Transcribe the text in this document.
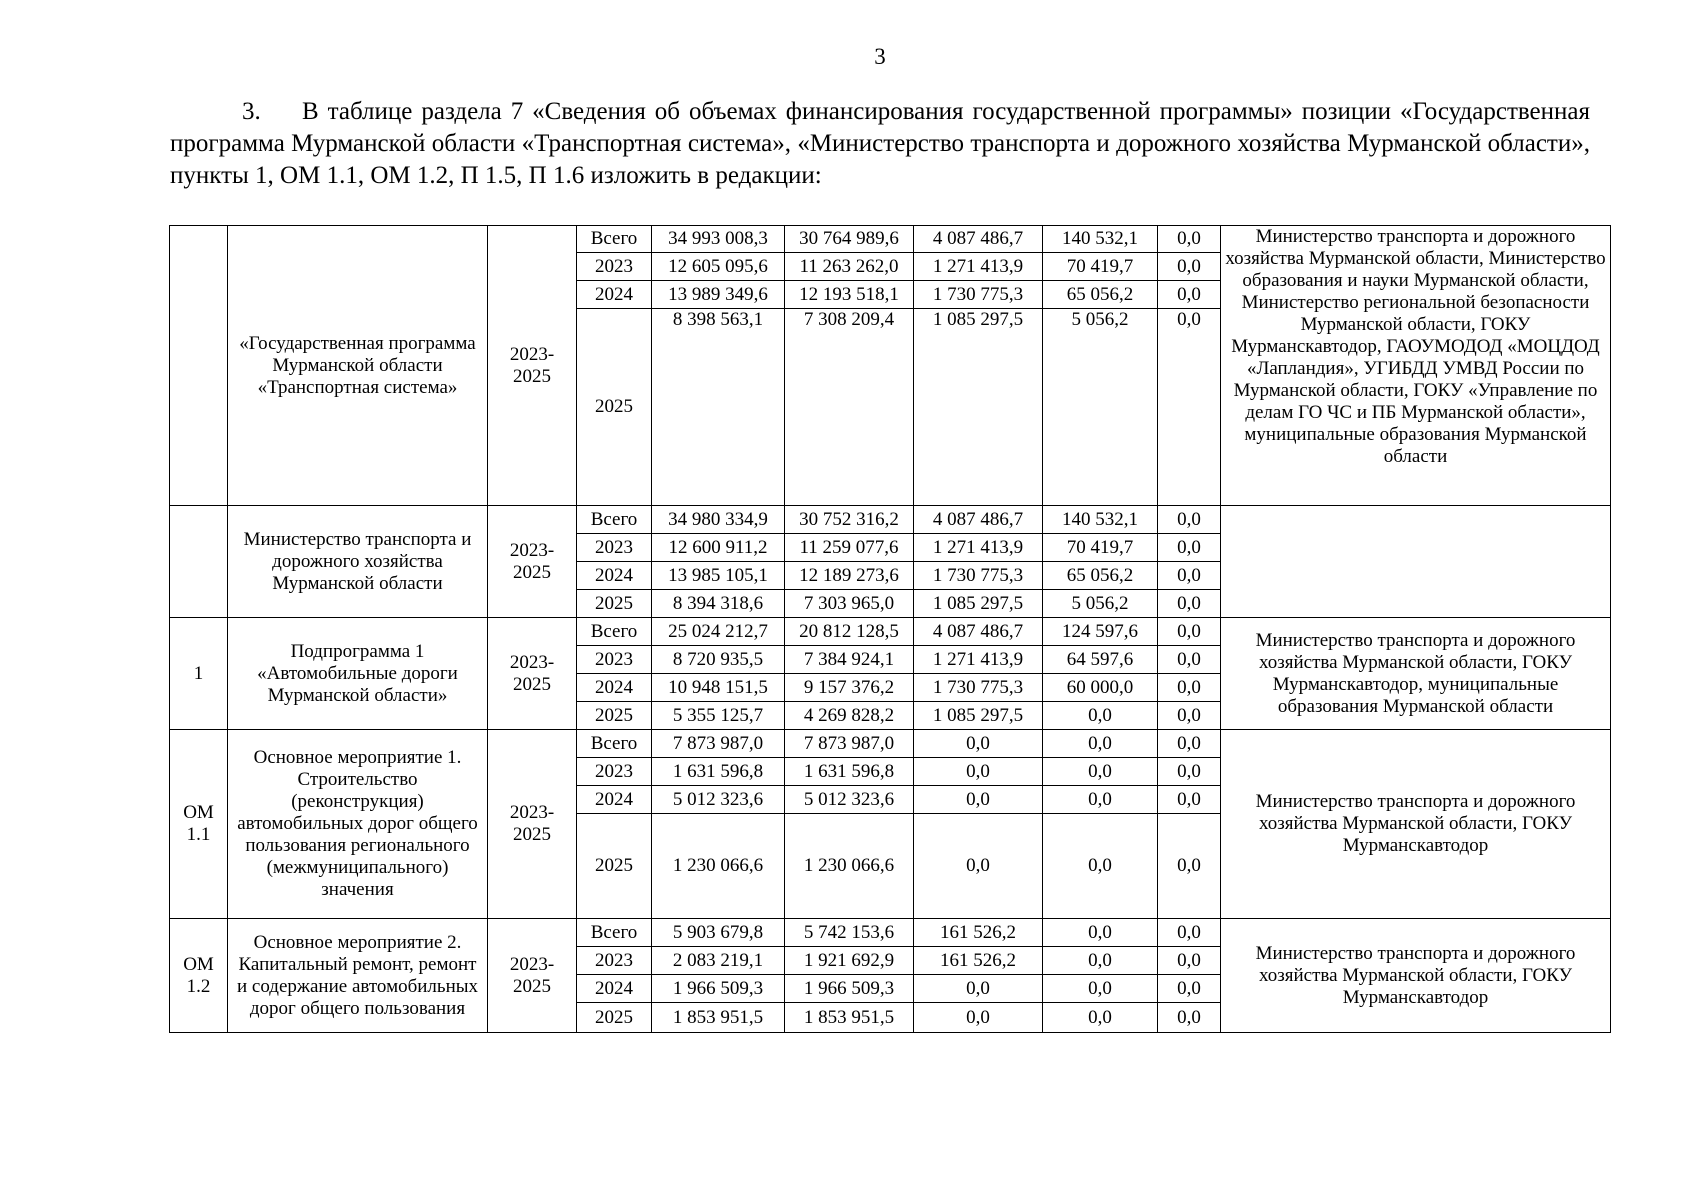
3

3. В таблице раздела 7 «Сведения об объемах финансирования государственной программы» позиции «Государственная программа Мурманской области «Транспортная система», «Министерство транспорта и дорожного хозяйства Мурманской области», пункты 1, ОМ 1.1, ОМ 1.2, П 1.5, П 1.6 изложить в редакции:

	«Государственная программа Мурманской области «Транспортная система»	2023-2025	Всего	34 993 008,3	30 764 989,6	4 087 486,7	140 532,1	0,0	Министерство транспорта и дорожного хозяйства Мурманской области, Министерство образования и науки Мурманской области, Министерство региональной безопасности Мурманской области, ГОКУ Мурманскавтодор, ГАОУМОДОД «МОЦДОД «Лапландия», УГИБДД УМВД России по Мурманской области, ГОКУ «Управление по делам ГО ЧС и ПБ Мурманской области», муниципальные образования Мурманской области
			2023	12 605 095,6	11 263 262,0	1 271 413,9	70 419,7	0,0	
			2024	13 989 349,6	12 193 518,1	1 730 775,3	65 056,2	0,0	
			2025	8 398 563,1	7 308 209,4	1 085 297,5	5 056,2	0,0	
	Министерство транспорта и дорожного хозяйства Мурманской области	2023-2025	Всего	34 980 334,9	30 752 316,2	4 087 486,7	140 532,1	0,0	
			2023	12 600 911,2	11 259 077,6	1 271 413,9	70 419,7	0,0	
			2024	13 985 105,1	12 189 273,6	1 730 775,3	65 056,2	0,0	
			2025	8 394 318,6	7 303 965,0	1 085 297,5	5 056,2	0,0	
1	Подпрограмма 1 «Автомобильные дороги Мурманской области»	2023-2025	Всего	25 024 212,7	20 812 128,5	4 087 486,7	124 597,6	0,0	Министерство транспорта и дорожного хозяйства Мурманской области, ГОКУ Мурманскавтодор, муниципальные образования Мурманской области
			2023	8 720 935,5	7 384 924,1	1 271 413,9	64 597,6	0,0	
			2024	10 948 151,5	9 157 376,2	1 730 775,3	60 000,0	0,0	
			2025	5 355 125,7	4 269 828,2	1 085 297,5	0,0	0,0	
ОМ 1.1	Основное мероприятие 1. Строительство (реконструкция) автомобильных дорог общего пользования регионального (межмуниципального) значения	2023-2025	Всего	7 873 987,0	7 873 987,0	0,0	0,0	0,0	Министерство транспорта и дорожного хозяйства Мурманской области, ГОКУ Мурманскавтодор
			2023	1 631 596,8	1 631 596,8	0,0	0,0	0,0	
			2024	5 012 323,6	5 012 323,6	0,0	0,0	0,0	
			2025	1 230 066,6	1 230 066,6	0,0	0,0	0,0	
ОМ 1.2	Основное мероприятие 2. Капитальный ремонт, ремонт и содержание автомобильных дорог общего пользования	2023-2025	Всего	5 903 679,8	5 742 153,6	161 526,2	0,0	0,0	Министерство транспорта и дорожного хозяйства Мурманской области, ГОКУ Мурманскавтодор
			2023	2 083 219,1	1 921 692,9	161 526,2	0,0	0,0	
			2024	1 966 509,3	1 966 509,3	0,0	0,0	0,0	
			2025	1 853 951,5	1 853 951,5	0,0	0,0	0,0	
